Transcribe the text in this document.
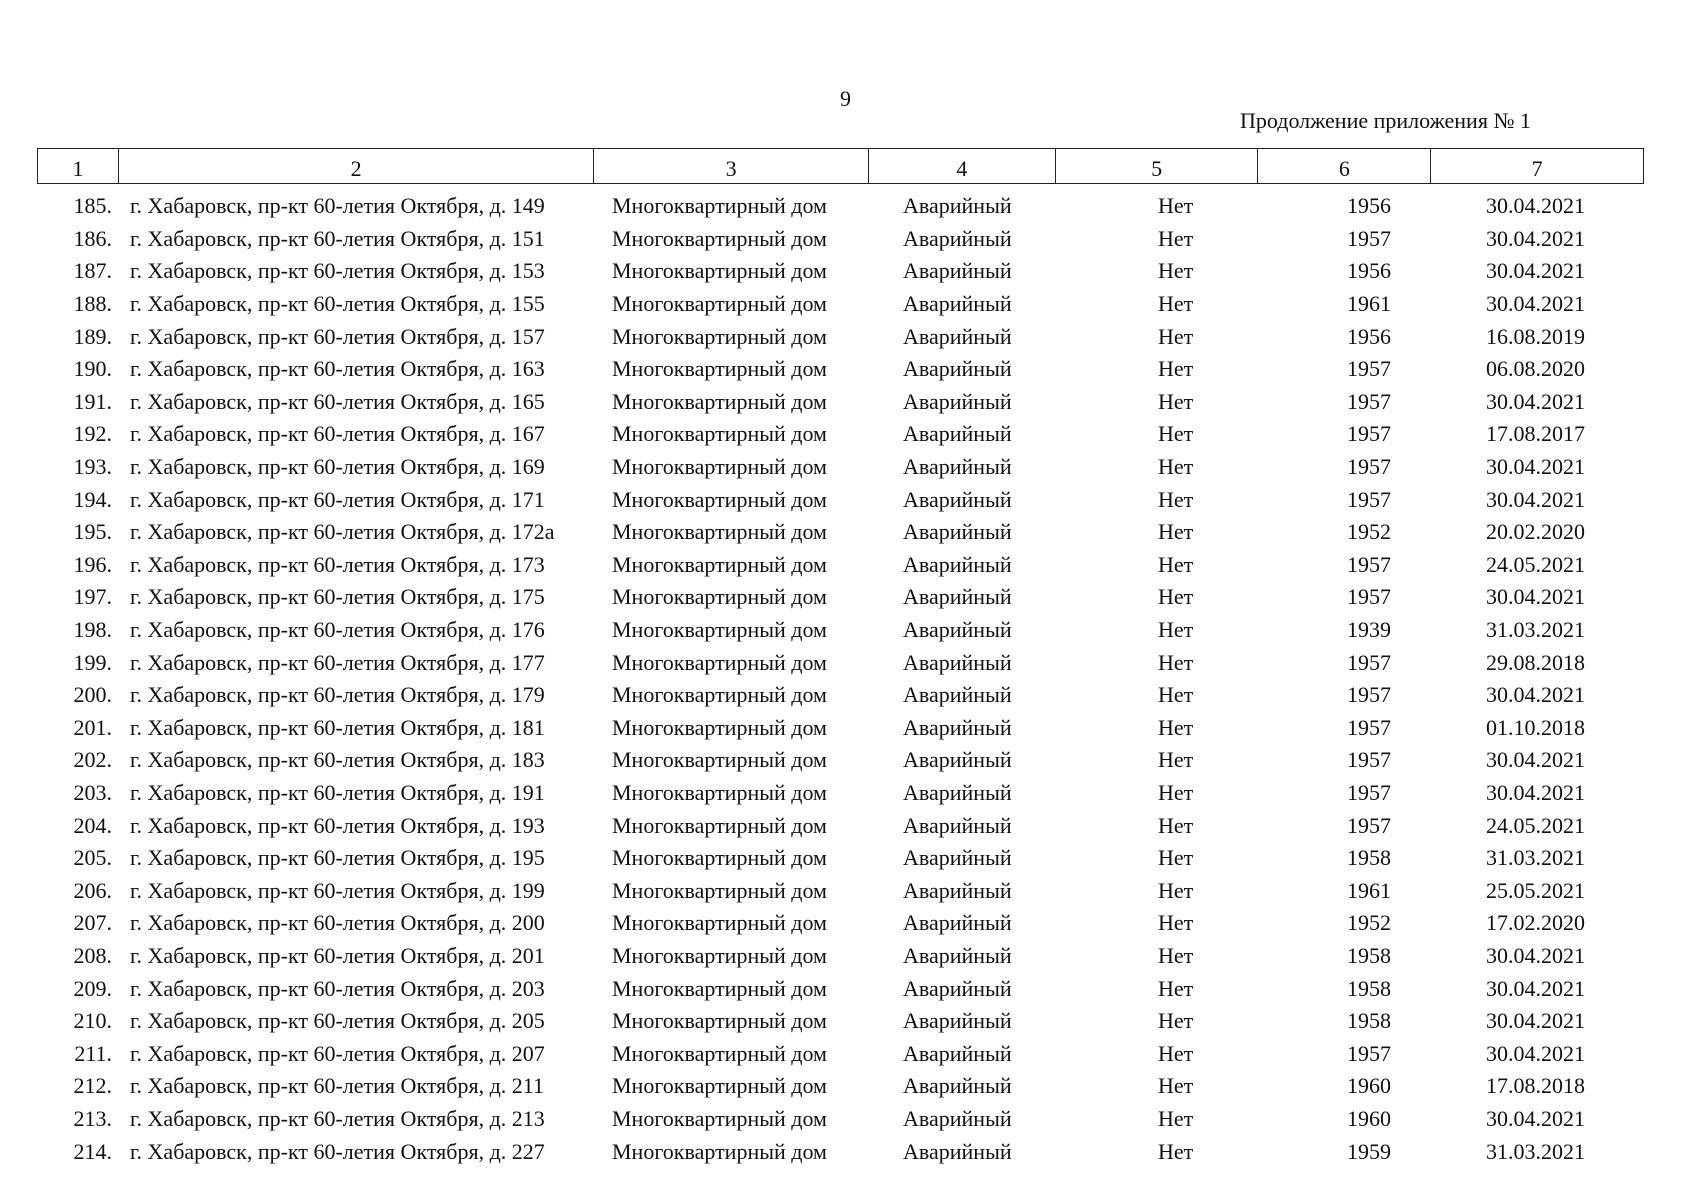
9
Продолжение приложения № 1
1	2	3	4	5	6	7
185. г. Хабаровск, пр-кт 60-летия Октября, д. 149	Многоквартирный дом	Аварийный	Нет	1956	30.04.2021
186. г. Хабаровск, пр-кт 60-летия Октября, д. 151	Многоквартирный дом	Аварийный	Нет	1957	30.04.2021
187. г. Хабаровск, пр-кт 60-летия Октября, д. 153	Многоквартирный дом	Аварийный	Нет	1956	30.04.2021
188. г. Хабаровск, пр-кт 60-летия Октября, д. 155	Многоквартирный дом	Аварийный	Нет	1961	30.04.2021
189. г. Хабаровск, пр-кт 60-летия Октября, д. 157	Многоквартирный дом	Аварийный	Нет	1956	16.08.2019
190. г. Хабаровск, пр-кт 60-летия Октября, д. 163	Многоквартирный дом	Аварийный	Нет	1957	06.08.2020
191. г. Хабаровск, пр-кт 60-летия Октября, д. 165	Многоквартирный дом	Аварийный	Нет	1957	30.04.2021
192. г. Хабаровск, пр-кт 60-летия Октября, д. 167	Многоквартирный дом	Аварийный	Нет	1957	17.08.2017
193. г. Хабаровск, пр-кт 60-летия Октября, д. 169	Многоквартирный дом	Аварийный	Нет	1957	30.04.2021
194. г. Хабаровск, пр-кт 60-летия Октября, д. 171	Многоквартирный дом	Аварийный	Нет	1957	30.04.2021
195. г. Хабаровск, пр-кт 60-летия Октября, д. 172а	Многоквартирный дом	Аварийный	Нет	1952	20.02.2020
196. г. Хабаровск, пр-кт 60-летия Октября, д. 173	Многоквартирный дом	Аварийный	Нет	1957	24.05.2021
197. г. Хабаровск, пр-кт 60-летия Октября, д. 175	Многоквартирный дом	Аварийный	Нет	1957	30.04.2021
198. г. Хабаровск, пр-кт 60-летия Октября, д. 176	Многоквартирный дом	Аварийный	Нет	1939	31.03.2021
199. г. Хабаровск, пр-кт 60-летия Октября, д. 177	Многоквартирный дом	Аварийный	Нет	1957	29.08.2018
200. г. Хабаровск, пр-кт 60-летия Октября, д. 179	Многоквартирный дом	Аварийный	Нет	1957	30.04.2021
201. г. Хабаровск, пр-кт 60-летия Октября, д. 181	Многоквартирный дом	Аварийный	Нет	1957	01.10.2018
202. г. Хабаровск, пр-кт 60-летия Октября, д. 183	Многоквартирный дом	Аварийный	Нет	1957	30.04.2021
203. г. Хабаровск, пр-кт 60-летия Октября, д. 191	Многоквартирный дом	Аварийный	Нет	1957	30.04.2021
204. г. Хабаровск, пр-кт 60-летия Октября, д. 193	Многоквартирный дом	Аварийный	Нет	1957	24.05.2021
205. г. Хабаровск, пр-кт 60-летия Октября, д. 195	Многоквартирный дом	Аварийный	Нет	1958	31.03.2021
206. г. Хабаровск, пр-кт 60-летия Октября, д. 199	Многоквартирный дом	Аварийный	Нет	1961	25.05.2021
207. г. Хабаровск, пр-кт 60-летия Октября, д. 200	Многоквартирный дом	Аварийный	Нет	1952	17.02.2020
208. г. Хабаровск, пр-кт 60-летия Октября, д. 201	Многоквартирный дом	Аварийный	Нет	1958	30.04.2021
209. г. Хабаровск, пр-кт 60-летия Октября, д. 203	Многоквартирный дом	Аварийный	Нет	1958	30.04.2021
210. г. Хабаровск, пр-кт 60-летия Октября, д. 205	Многоквартирный дом	Аварийный	Нет	1958	30.04.2021
211. г. Хабаровск, пр-кт 60-летия Октября, д. 207	Многоквартирный дом	Аварийный	Нет	1957	30.04.2021
212. г. Хабаровск, пр-кт 60-летия Октября, д. 211	Многоквартирный дом	Аварийный	Нет	1960	17.08.2018
213. г. Хабаровск, пр-кт 60-летия Октября, д. 213	Многоквартирный дом	Аварийный	Нет	1960	30.04.2021
214. г. Хабаровск, пр-кт 60-летия Октября, д. 227	Многоквартирный дом	Аварийный	Нет	1959	31.03.2021
